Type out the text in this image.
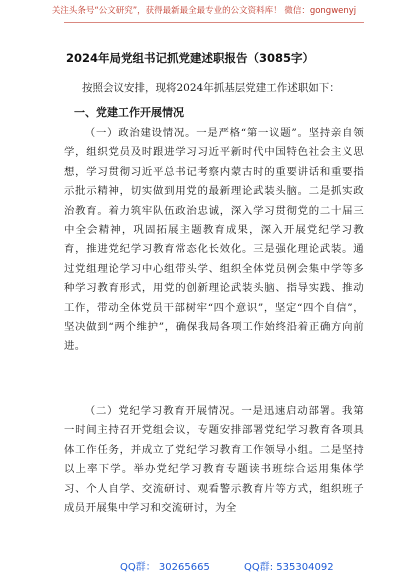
关注头条号“公文研究”，获得最新最全最专业的公文资料库！ 微信：gongwenyj
2024年局党组书记抓党建述职报告（3085字）
按照会议安排，现将2024年抓基层党建工作述职如下：
一、党建工作开展情况

（一）政治建设情况。一是严格“第一议题”。坚持亲自领学，组织党员及时跟进学习习近平新时代中国特色社会主义思想，学习贯彻习近平总书记考察内蒙古时的重要讲话和重要指示批示精神，切实做到用党的最新理论武装头脑。二是抓实政治教育。着力筑牢队伍政治忠诚，深入学习贯彻党的二十届三中全会精神，巩固拓展主题教育成果，深入开展党纪学习教育，推进党纪学习教育常态化长效化。三是强化理论武装。通过党组理论学习中心组带头学、组织全体党员例会集中学等多种学习教育形式，用党的创新理论武装头脑、指导实践、推动工作，带动全体党员干部树牢“四个意识”，坚定“四个自信”，坚决做到“两个维护”，确保我局各项工作始终沿着正确方向前进。

（二）党纪学习教育开展情况。一是迅速启动部署。我第一时间主持召开党组会议，专题安排部署党纪学习教育各项具体工作任务，并成立了党纪学习教育工作领导小组。二是坚持以上率下学。举办党纪学习教育专题读书班综合运用集体学习、个人自学、交流研讨、观看警示教育片等方式，组织班子成员开展集中学习和交流研讨，为全

QQ群： 30265665	QQ群: 535304092
